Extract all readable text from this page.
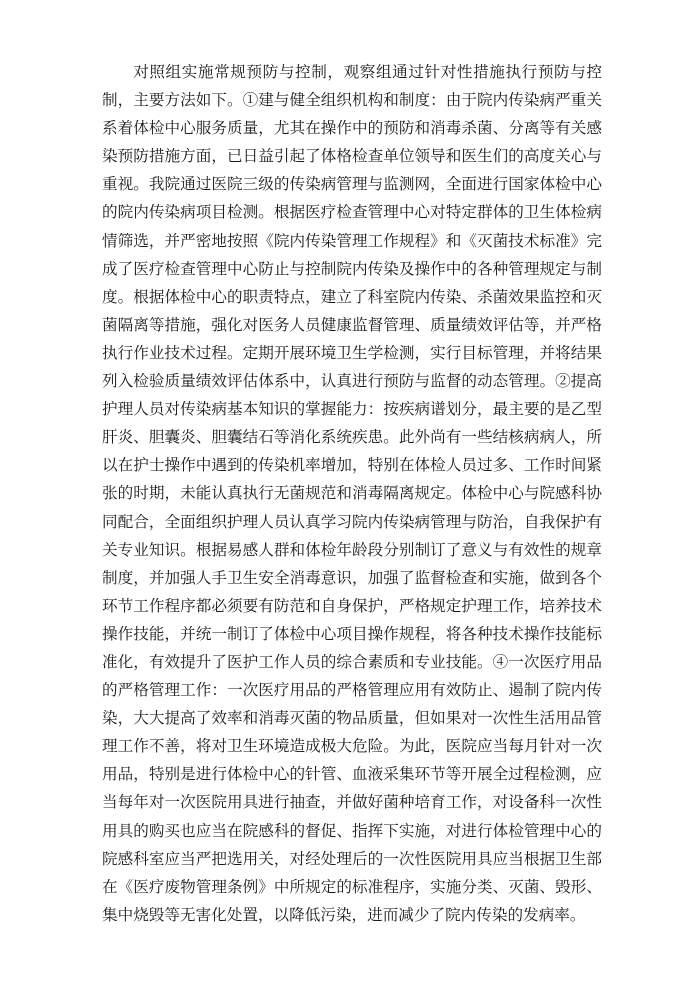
对照组实施常规预防与控制，观察组通过针对性措施执行预防与控制，主要方法如下。①建与健全组织机构和制度：由于院内传染病严重关系着体检中心服务质量，尤其在操作中的预防和消毒杀菌、分离等有关感染预防措施方面，已日益引起了体格检查单位领导和医生们的高度关心与重视。我院通过医院三级的传染病管理与监测网，全面进行国家体检中心的院内传染病项目检测。根据医疗检查管理中心对特定群体的卫生体检病情筛选，并严密地按照《院内传染管理工作规程》和《灭菌技术标准》完成了医疗检查管理中心防止与控制院内传染及操作中的各种管理规定与制度。根据体检中心的职责特点，建立了科室院内传染、杀菌效果监控和灭菌隔离等措施，强化对医务人员健康监督管理、质量绩效评估等，并严格执行作业技术过程。定期开展环境卫生学检测，实行目标管理，并将结果列入检验质量绩效评估体系中，认真进行预防与监督的动态管理。②提高护理人员对传染病基本知识的掌握能力：按疾病谱划分，最主要的是乙型肝炎、胆囊炎、胆囊结石等消化系统疾患。此外尚有一些结核病病人，所以在护士操作中遇到的传染机率增加，特别在体检人员过多、工作时间紧张的时期，未能认真执行无菌规范和消毒隔离规定。体检中心与院感科协同配合，全面组织护理人员认真学习院内传染病管理与防治，自我保护有关专业知识。根据易感人群和体检年龄段分别制订了意义与有效性的规章制度，并加强人手卫生安全消毒意识，加强了监督检查和实施，做到各个环节工作程序都必须要有防范和自身保护，严格规定护理工作，培养技术操作技能，并统一制订了体检中心项目操作规程，将各种技术操作技能标准化，有效提升了医护工作人员的综合素质和专业技能。④一次医疗用品的严格管理工作：一次医疗用品的严格管理应用有效防止、遏制了院内传染，大大提高了效率和消毒灭菌的物品质量，但如果对一次性生活用品管理工作不善，将对卫生环境造成极大危险。为此，医院应当每月针对一次用品，特别是进行体检中心的针管、血液采集环节等开展全过程检测，应当每年对一次医院用具进行抽查，并做好菌种培育工作，对设备科一次性用具的购买也应当在院感科的督促、指挥下实施，对进行体检管理中心的院感科室应当严把选用关，对经处理后的一次性医院用具应当根据卫生部在《医疗废物管理条例》中所规定的标准程序，实施分类、灭菌、毁形、集中烧毁等无害化处置，以降低污染，进而减少了院内传染的发病率。
